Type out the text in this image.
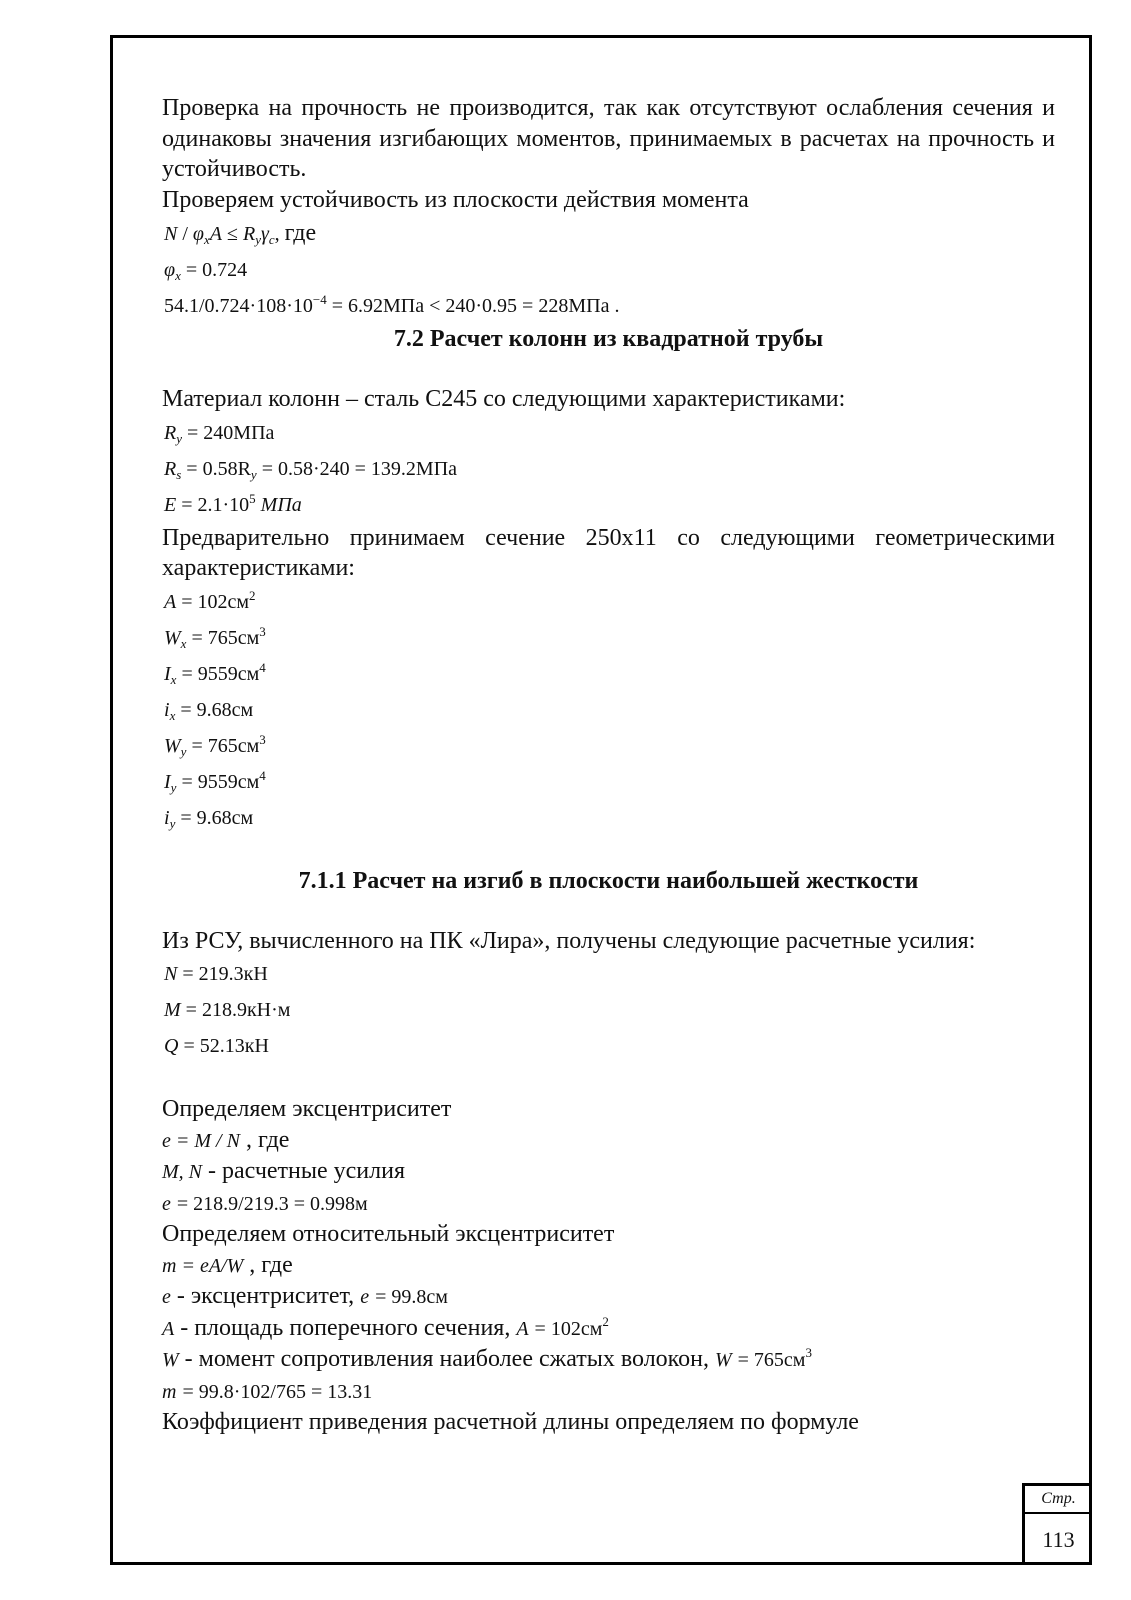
Проверка на прочность не производится, так как отсутствуют ослабления сечения и одинаковы значения изгибающих моментов, принимаемых в расчетах на прочность и устойчивость.

Проверяем устойчивость из плоскости действия момента

$N / \varphi_xA \le R_y\gamma_c$, где

$\varphi_x = 0.724$

$54.1/0.724\cdot 108\cdot 10^{-4} = 6.92МПа < 240\cdot 0.95 = 228МПа$ .

7.2 Расчет колонн из квадратной трубы

Материал колонн – сталь С245 со следующими характеристиками:

$R_y = 240МПа$

$R_s = 0.58R_y = 0.58\cdot 240 = 139.2МПа$

$E = 2.1\cdot 10^5$ МПа

Предварительно принимаем сечение 250х11 со следующими геометрическими характеристиками:

$A = 102см^2$

$W_x = 765см^3$

$I_x = 9559см^4$

$i_x = 9.68см$

$W_y = 765см^3$

$I_y = 9559см^4$

$i_y = 9.68см$

7.1.1 Расчет на изгиб в плоскости наибольшей жесткости

Из РСУ, вычисленного на ПК «Лира», получены следующие расчетные усилия:

N = 219.3кН

M = 218.9кН·м

Q = 52.13кН

Определяем эксцентриситет

e = M / N , где

M, N - расчетные усилия

e = 218.9/219.3 = 0.998м

Определяем относительный эксцентриситет

m = eA/W , где

e - эксцентриситет, e = 99.8см

A - площадь поперечного сечения, $A = 102см^2$

W - момент сопротивления наиболее сжатых волокон, $W = 765см^3$

m = 99.8·102/765 = 13.31

Коэффициент приведения расчетной длины определяем по формуле

Стр.
113
